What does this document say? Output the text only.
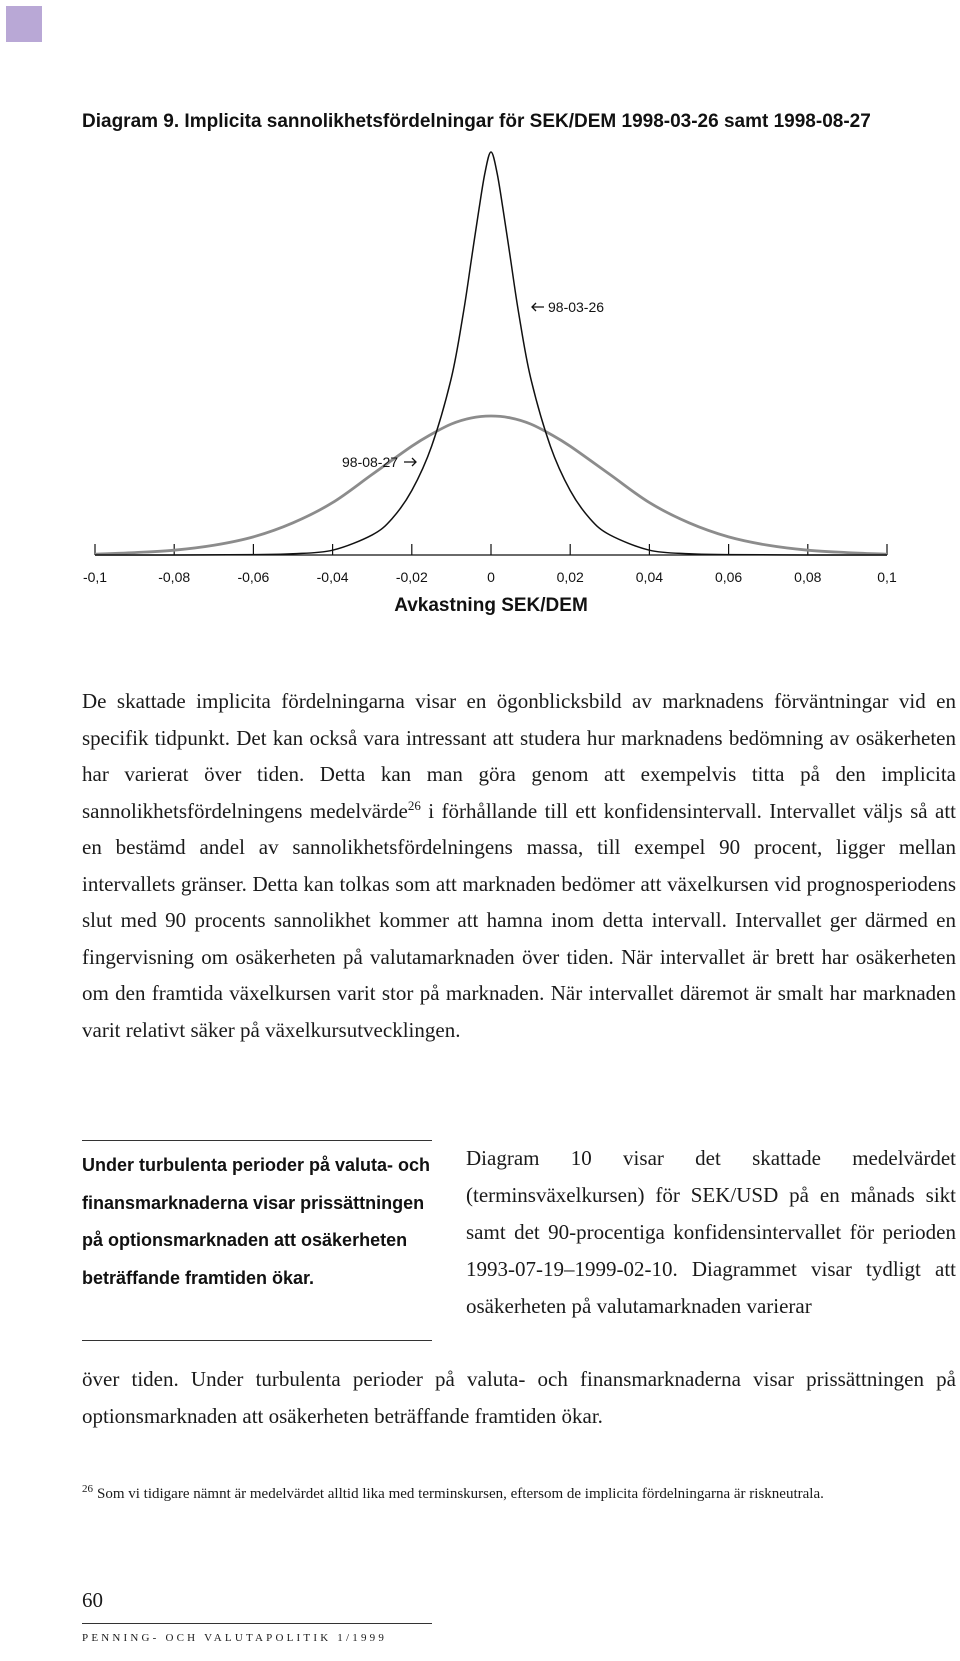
Diagram 9. Implicita sannolikhetsfördelningar för SEK/DEM 1998-03-26 samt 1998-08-27
-0,1	-0,08	-0,06	-0,04	-0,02	0	0,02	0,04	0,06	0,08	0,1
Avkastning SEK/DEM
98-03-26
98-08-27

De skattade implicita fördelningarna visar en ögonblicksbild av marknadens förväntningar vid en specifik tidpunkt. Det kan också vara intressant att studera hur marknadens bedömning av osäkerheten har varierat över tiden. Detta kan man göra genom att exempelvis titta på den implicita sannolikhetsfördelningens medelvärde$^{26}$ i förhållande till ett konfidensintervall. Intervallet väljs så att en bestämd andel av sannolikhetsfördelningens massa, till exempel 90 procent, ligger mellan intervallets gränser. Detta kan tolkas som att marknaden bedömer att växelkursen vid prognosperiodens slut med 90 procents sannolikhet kommer att hamna inom detta intervall. Intervallet ger därmed en fingervisning om osäkerheten på valutamarknaden över tiden. När intervallet är brett har osäkerheten om den framtida växelkursen varit stor på marknaden. När intervallet däremot är smalt har marknaden varit relativt säker på växelkursutvecklingen.

Under turbulenta perioder på valuta- och finansmarknaderna visar prissättningen på optionsmarknaden att osäkerheten beträffande framtiden ökar.

Diagram 10 visar det skattade medelvärdet (terminsväxelkursen) för SEK/USD på en månads sikt samt det 90-procentiga konfidensintervallet för perioden 1993-07-19–1999-02-10. Diagrammet visar tydligt att osäkerheten på valutamarknaden varierar

över tiden. Under turbulenta perioder på valuta- och finansmarknaderna visar prissättningen på optionsmarknaden att osäkerheten beträffande framtiden ökar.

$^{26}$ Som vi tidigare nämnt är medelvärdet alltid lika med terminskursen, eftersom de implicita fördelningarna är riskneutrala.
60
PENNING- OCH VALUTAPOLITIK 1/1999
